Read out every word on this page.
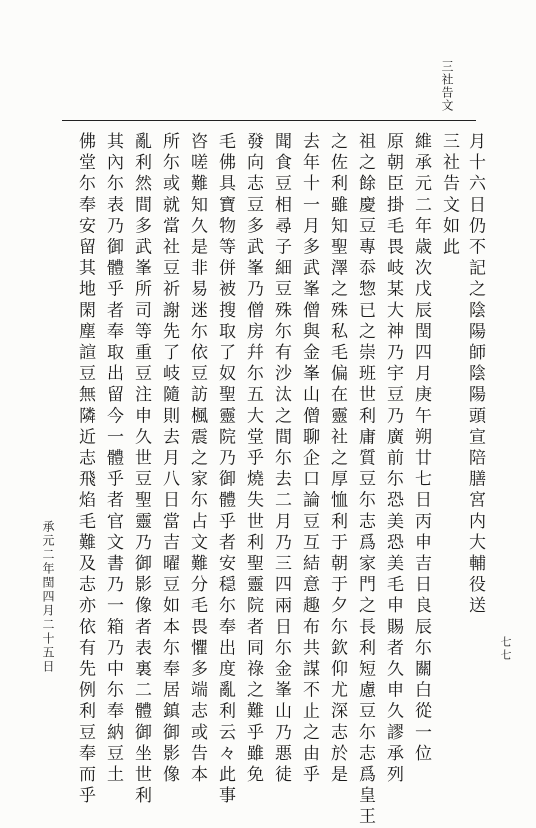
三社告文
月十六日仍不記之陰陽師陰陽頭宣陪膳宮内大輔役送
三社告文如此
維承元二年歳次戊辰閏四月庚午朔廿七日丙申吉日良辰尓關白從一位
原朝臣掛毛畏岐某大神乃宇豆乃廣前尓恐美恐美毛申賜者久申久謬承列
祖之餘慶豆專忝惣已之崇班世利庸質豆尓志爲家門之長利短慮豆尓志爲皇王
之佐利雖知聖澤之殊私毛偏在靈社之厚恤利于朝于夕尓欽仰尤深志於是
去年十一月多武峯僧與金峯山僧聊企口論豆互結意趣布共謀不止之由乎
聞食豆相尋子細豆殊尓有沙汰之間尓去二月乃三四兩日尓金峯山乃悪徒
發向志豆多武峯乃僧房幷尓五大堂乎燒失世利聖靈院者同祿之難乎雖免
毛佛具寶物等併被搜取了奴聖靈院乃御體乎者安穏尓奉出度亂利云々此事
咨嗟難知久是非易迷尓依豆訪楓震之家尓占文難分毛畏懼多端志或告本
所尓或就當社豆祈謝先了岐隨則去月八日當吉曜豆如本尓奉居鎮御影像
亂利然間多武峯所司等重豆注申久世豆聖靈乃御影像者表裏二體御坐世利
其內尓表乃御體乎者奉取出留今一體乎者官文書乃一箱乃中尓奉納豆土
佛堂尓奉安留其地閑塵諠豆無隣近志飛焰毛難及志亦依有先例利豆奉而乎
承元二年閏四月二十五日	七七
